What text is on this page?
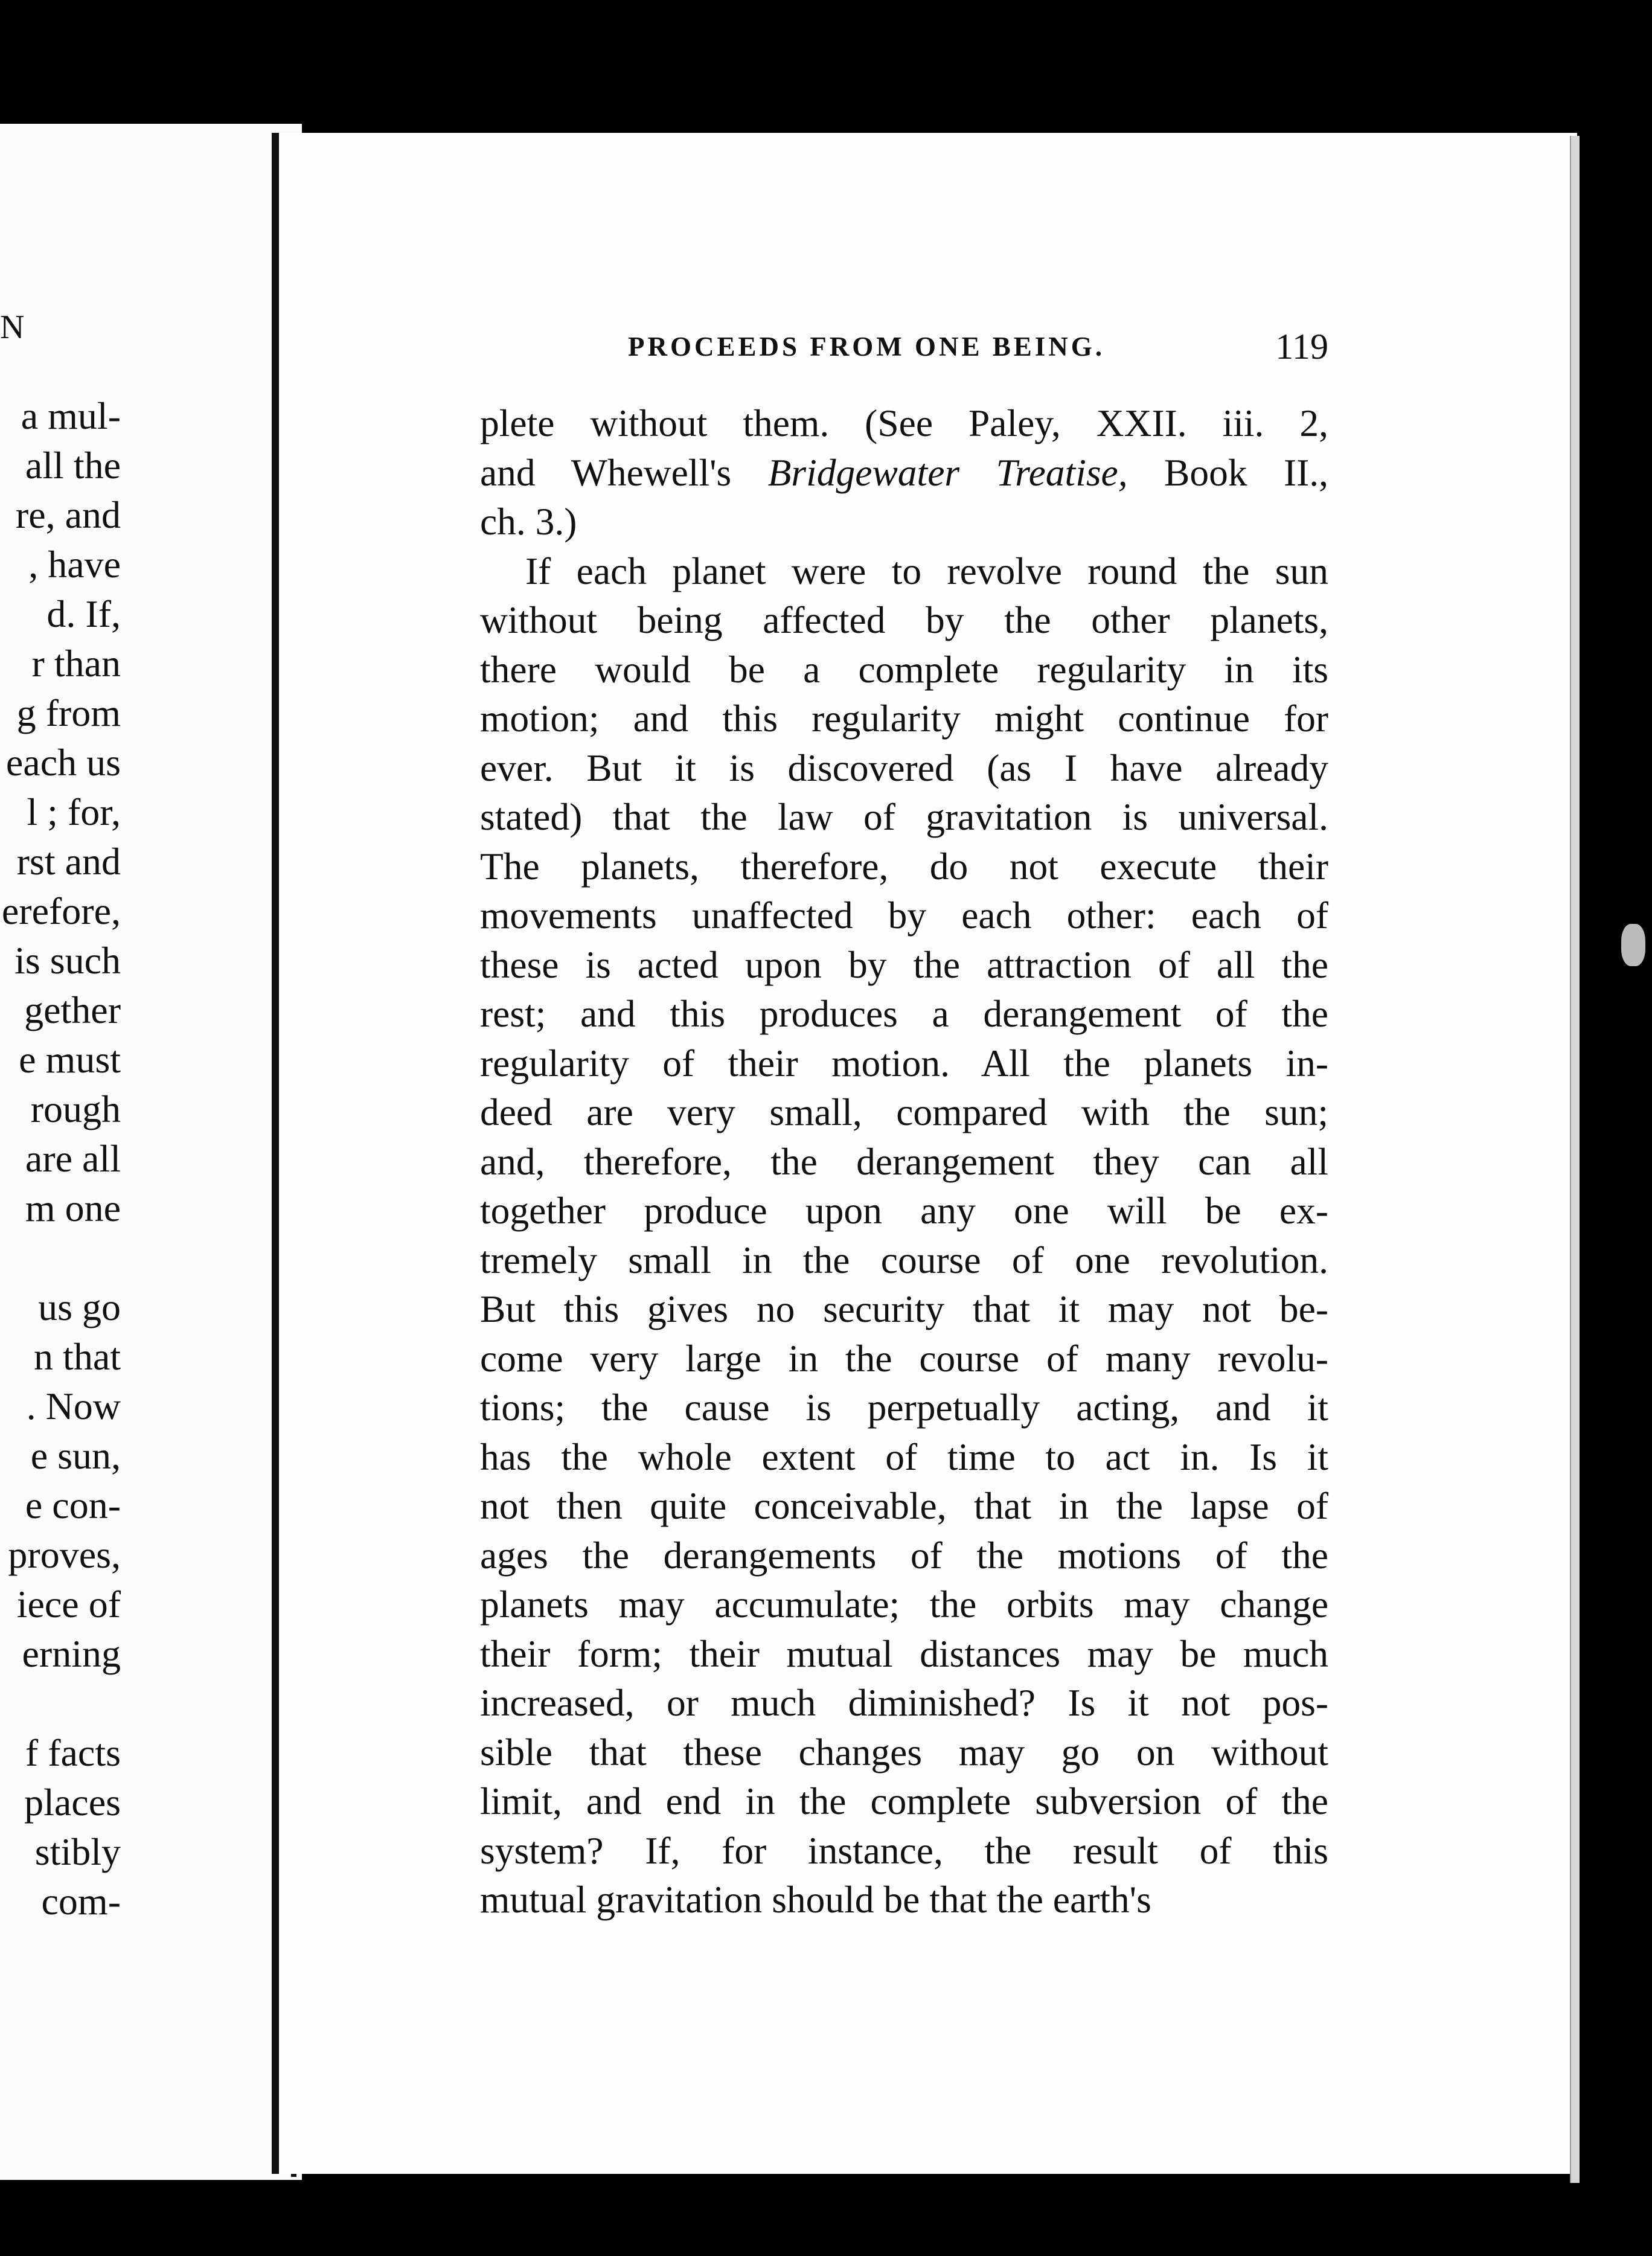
N
a mul-
all the
re, and
, have
d. If,
r than
g from
each us
l ; for,
rst and
erefore,
is such
gether
e must
rough
are all
m one
us go
n that
. Now
e sun,
e con-
proves,
iece of
erning
f facts
places
stibly
com-
PROCEEDS FROM ONE BEING.	119
plete without them. (See Paley, XXII. iii. 2,
and Whewell's Bridgewater Treatise, Book II.,
ch. 3.)
If each planet were to revolve round the sun
without being affected by the other planets,
there would be a complete regularity in its
motion; and this regularity might continue for
ever. But it is discovered (as I have already
stated) that the law of gravitation is universal.
The planets, therefore, do not execute their
movements unaffected by each other: each of
these is acted upon by the attraction of all the
rest; and this produces a derangement of the
regularity of their motion. All the planets in-
deed are very small, compared with the sun;
and, therefore, the derangement they can all
together produce upon any one will be ex-
tremely small in the course of one revolution.
But this gives no security that it may not be-
come very large in the course of many revolu-
tions; the cause is perpetually acting, and it
has the whole extent of time to act in. Is it
not then quite conceivable, that in the lapse of
ages the derangements of the motions of the
planets may accumulate; the orbits may change
their form; their mutual distances may be much
increased, or much diminished? Is it not pos-
sible that these changes may go on without
limit, and end in the complete subversion of the
system? If, for instance, the result of this
mutual gravitation should be that the earth's
